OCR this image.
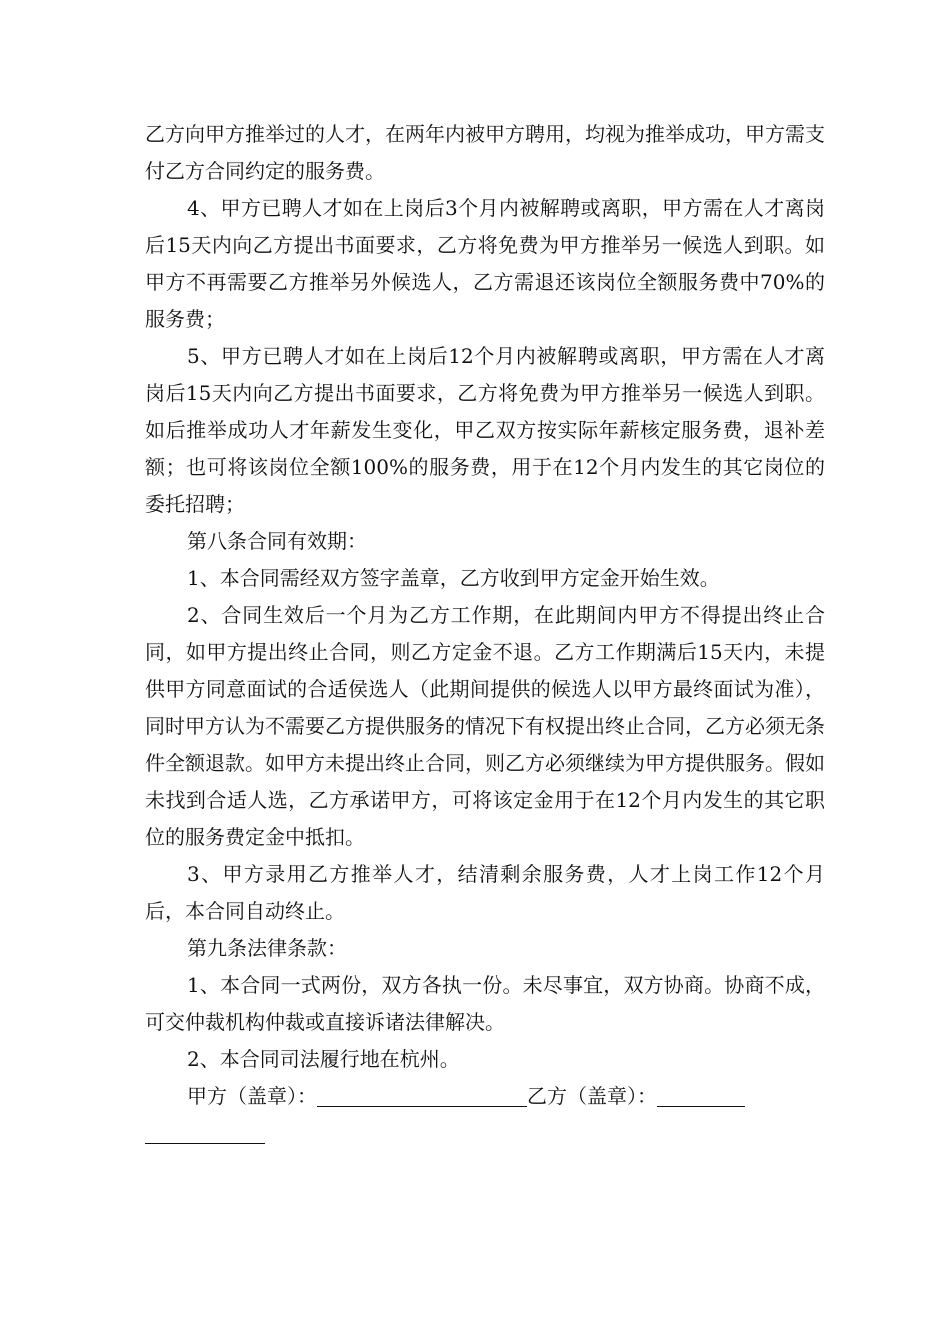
乙方向甲方推举过的人才，在两年内被甲方聘用，均视为推举成功，甲方需支付乙方合同约定的服务费。

4、甲方已聘人才如在上岗后3个月内被解聘或离职，甲方需在人才离岗后15天内向乙方提出书面要求，乙方将免费为甲方推举另一候选人到职。如甲方不再需要乙方推举另外候选人，乙方需退还该岗位全额服务费中70%的服务费；

5、甲方已聘人才如在上岗后12个月内被解聘或离职，甲方需在人才离岗后15天内向乙方提出书面要求，乙方将免费为甲方推举另一候选人到职。如后推举成功人才年薪发生变化，甲乙双方按实际年薪核定服务费，退补差额；也可将该岗位全额100%的服务费，用于在12个月内发生的其它岗位的委托招聘；

第八条合同有效期：

1、本合同需经双方签字盖章，乙方收到甲方定金开始生效。

2、合同生效后一个月为乙方工作期，在此期间内甲方不得提出终止合同，如甲方提出终止合同，则乙方定金不退。乙方工作期满后15天内，未提供甲方同意面试的合适侯选人（此期间提供的候选人以甲方最终面试为准），同时甲方认为不需要乙方提供服务的情况下有权提出终止合同，乙方必须无条件全额退款。如甲方未提出终止合同，则乙方必须继续为甲方提供服务。假如未找到合适人选，乙方承诺甲方，可将该定金用于在12个月内发生的其它职位的服务费定金中抵扣。

3、甲方录用乙方推举人才，结清剩余服务费，人才上岗工作12个月后，本合同自动终止。

第九条法律条款：

1、本合同一式两份，双方各执一份。未尽事宜，双方协商。协商不成，可交仲裁机构仲裁或直接诉诸法律解决。

2、本合同司法履行地在杭州。

甲方（盖章）：	乙方（盖章）：
